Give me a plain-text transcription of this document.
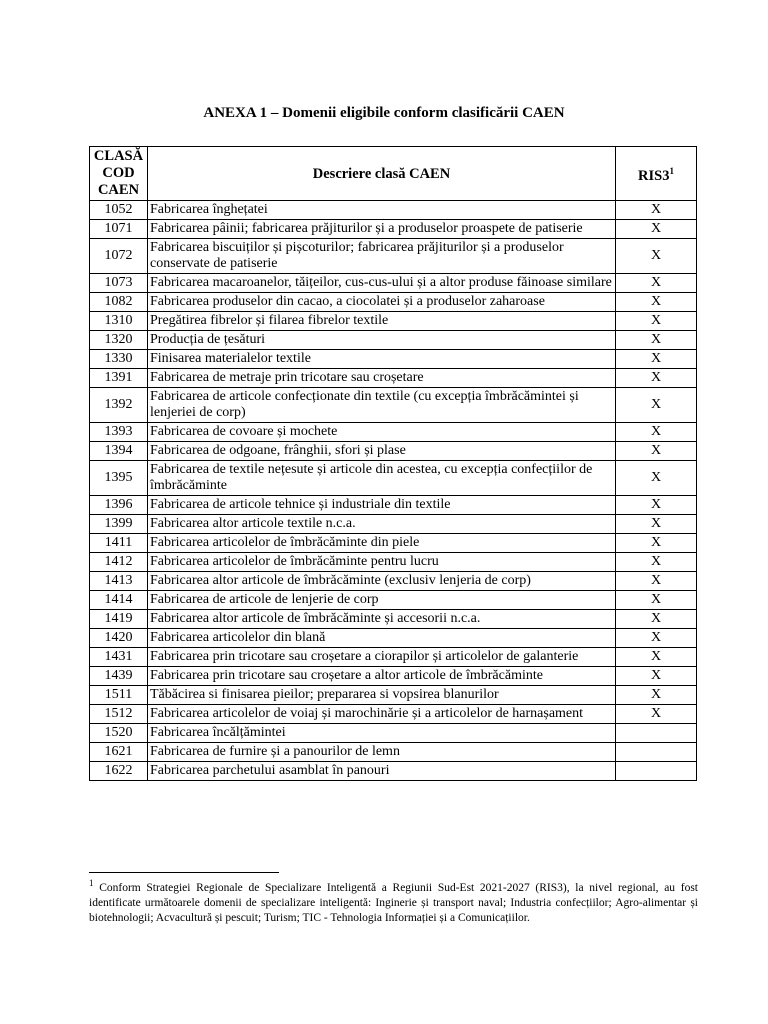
ANEXA 1 – Domenii eligibile conform clasificării CAEN
CLASĂ
COD
CAEN	Descriere clasă CAEN	$RIS3^1$
1052	Fabricarea înghețatei	X
1071	Fabricarea pâinii; fabricarea prăjiturilor și a produselor proaspete de patiserie	X
1072	Fabricarea biscuiților și pișcoturilor; fabricarea prăjiturilor și a produselor conservate de patiserie	X
1073	Fabricarea macaroanelor, tăițeilor, cus-cus-ului și a altor produse făinoase similare	X
1082	Fabricarea produselor din cacao, a ciocolatei și a produselor zaharoase	X
1310	Pregătirea fibrelor și filarea fibrelor textile	X
1320	Producția de țesături	X
1330	Finisarea materialelor textile	X
1391	Fabricarea de metraje prin tricotare sau croșetare	X
1392	Fabricarea de articole confecționate din textile (cu excepția îmbrăcămintei și lenjeriei de corp)	X
1393	Fabricarea de covoare și mochete	X
1394	Fabricarea de odgoane, frânghii, sfori și plase	X
1395	Fabricarea de textile nețesute și articole din acestea, cu excepția confecțiilor de îmbrăcăminte	X
1396	Fabricarea de articole tehnice și industriale din textile	X
1399	Fabricarea altor articole textile n.c.a.	X
1411	Fabricarea articolelor de îmbrăcăminte din piele	X
1412	Fabricarea articolelor de îmbrăcăminte pentru lucru	X
1413	Fabricarea altor articole de îmbrăcăminte (exclusiv lenjeria de corp)	X
1414	Fabricarea de articole de lenjerie de corp	X
1419	Fabricarea altor articole de îmbrăcăminte și accesorii n.c.a.	X
1420	Fabricarea articolelor din blană	X
1431	Fabricarea prin tricotare sau croșetare a ciorapilor și articolelor de galanterie	X
1439	Fabricarea prin tricotare sau croșetare a altor articole de îmbrăcăminte	X
1511	Tăbăcirea si finisarea pieilor; prepararea si vopsirea blanurilor	X
1512	Fabricarea articolelor de voiaj și marochinărie și a articolelor de harnașament	X
1520	Fabricarea încălțămintei	
1621	Fabricarea de furnire și a panourilor de lemn	
1622	Fabricarea parchetului asamblat în panouri	
$^1$ Conform Strategiei Regionale de Specializare Inteligentă a Regiunii Sud-Est 2021-2027 (RIS3), la nivel regional, au fost identificate următoarele domenii de specializare inteligentă: Inginerie și transport naval; Industria confecțiilor; Agro-alimentar și biotehnologii; Acvacultură și pescuit; Turism; TIC - Tehnologia Informației și a Comunicațiilor.
